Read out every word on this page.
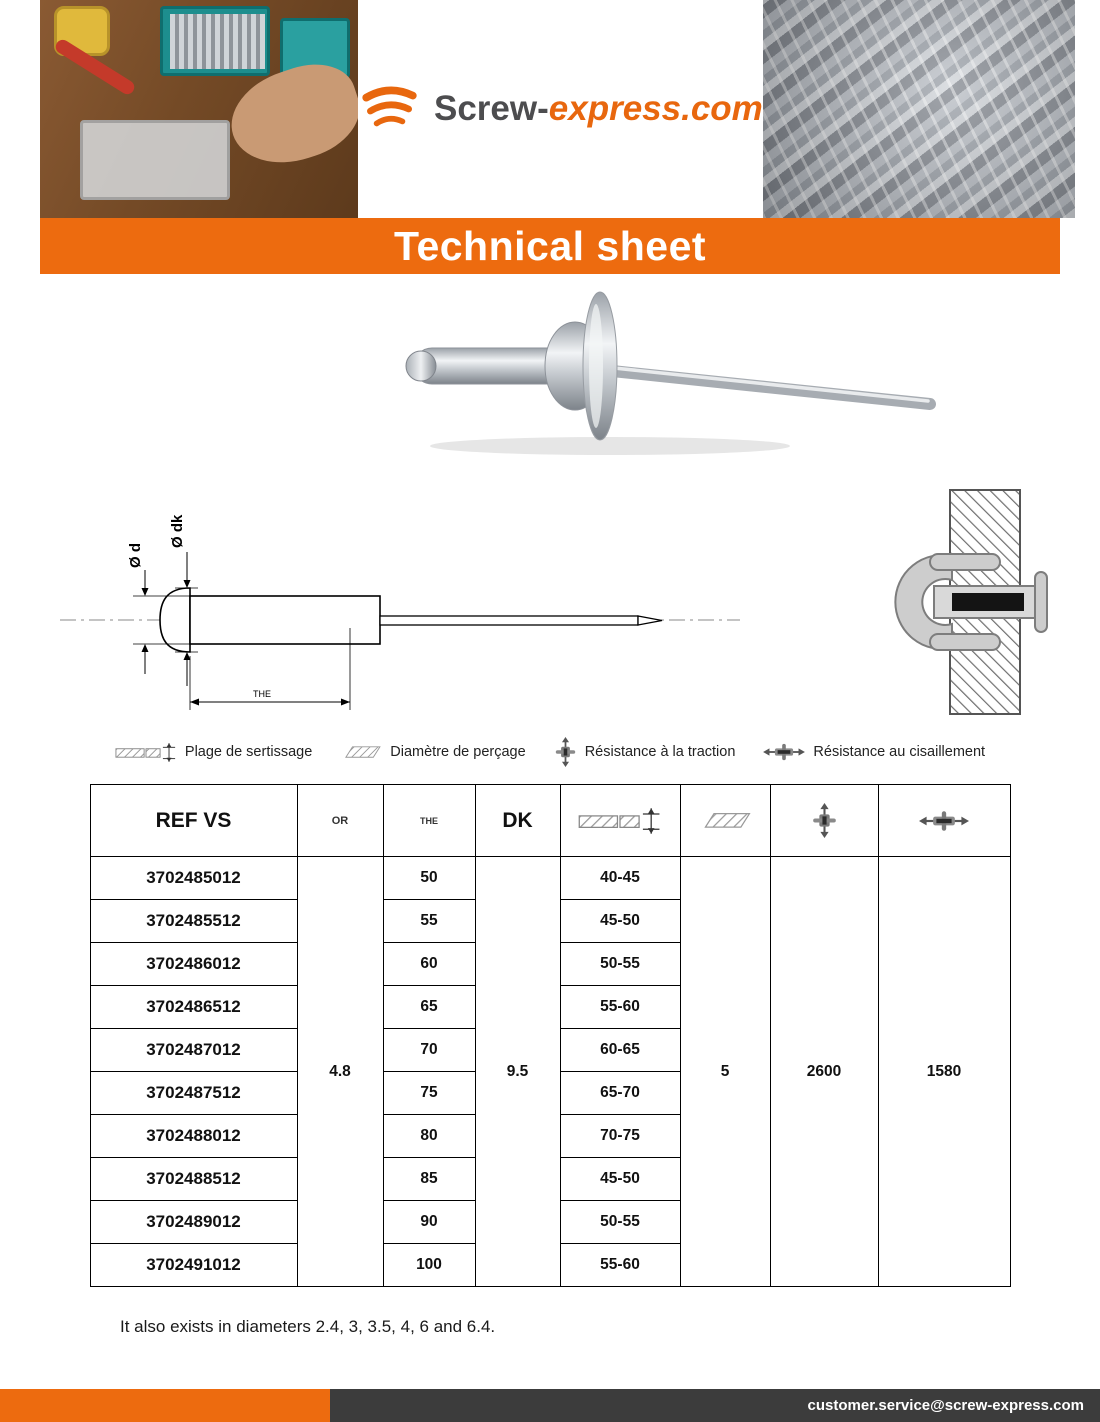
Screw-express.com
Technical sheet
Ø d
Ø dk
THE
Plage de sertissage	Diamètre de perçage	Résistance à la traction	Résistance au cisaillement
REF VS	OR	THE	DK				
3702485012	4.8	50	9.5	40-45	5	2600	1580
3702485512		55		45-50			
3702486012		60		50-55			
3702486512		65		55-60			
3702487012		70		60-65			
3702487512		75		65-70			
3702488012		80		70-75			
3702488512		85		45-50			
3702489012		90		50-55			
3702491012		100		55-60			

It also exists in diameters 2.4, 3, 3.5, 4, 6 and 6.4.

customer.service@screw-express.com
